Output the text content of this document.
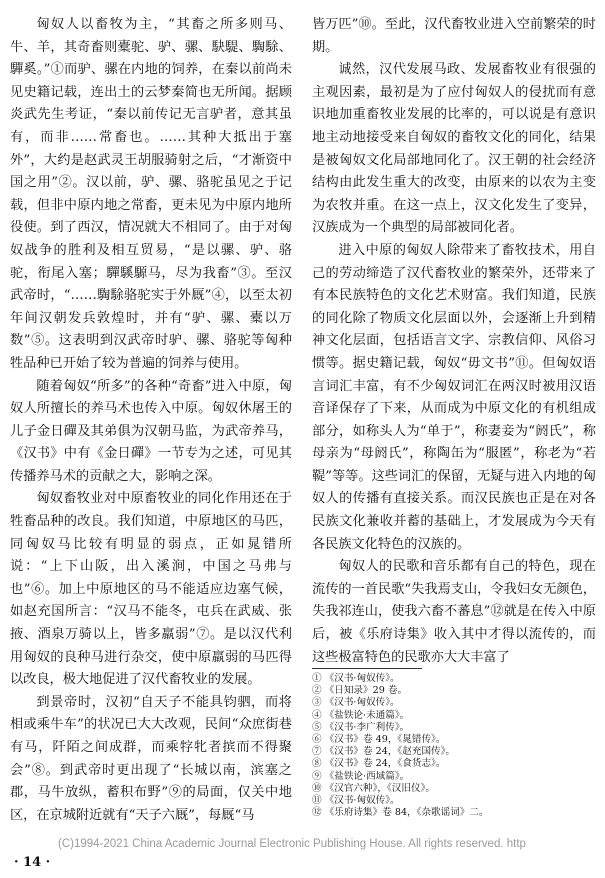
匈奴人以畜牧为主，“其畜之所多则马、牛、羊，其奇畜则橐驼、驴、骡、駃騠、騊駼、驒奚。”①而驴、骡在内地的饲养，在秦以前尚未见史籍记载，连出土的云梦秦简也无所闻。据顾炎武先生考证，“秦以前传记无言驴者，意其虽有，而非……常畜也。……其种大抵出于塞外”，大约是赵武灵王胡服骑射之后，“才渐资中国之用”②。汉以前，驴、骡、骆驼虽见之于记载，但非中原内地之常畜，更未见为中原内地所役使。到了西汉，情况就大不相同了。由于对匈奴战争的胜利及相互贸易，“是以骡、驴、骆驼，衔尾入塞；驒騱騵马，尽为我畜”③。至汉武帝时，“……騊駼骆驼实于外厩”④，以至太初年间汉朝发兵敦煌时，并有“驴、骡、橐以万数”⑤。这表明到汉武帝时驴、骡、骆驼等匈种牲品种已开始了较为普遍的饲养与使用。

随着匈奴“所多”的各种“奇畜”进入中原，匈奴人所擅长的养马术也传入中原。匈奴休屠王的儿子金日磾及其弟俱为汉朝马监，为武帝养马，《汉书》中有《金日磾》一节专为之述，可见其传播养马术的贡献之大，影响之深。

匈奴畜牧业对中原畜牧业的同化作用还在于牲畜品种的改良。我们知道，中原地区的马匹，同匈奴马比较有明显的弱点，正如晁错所说：“上下山阪，出入溪涧，中国之马弗与也”⑥。加上中原地区的马不能适应边塞气候，如赵充国所言：“汉马不能冬，屯兵在武威、张掖、酒泉万骑以上，皆多羸弱”⑦。是以汉代利用匈奴的良种马进行杂交，使中原羸弱的马匹得以改良，极大地促进了汉代畜牧业的发展。

到景帝时，汉初“自天子不能具钧驷，而将相或乘牛车”的状况已大大改观，民间“众庶街巷有马，阡陌之间成群，而乘牸牝者摈而不得聚会”⑧。到武帝时更出现了“长城以南，滨塞之郡，马牛放纵，蓄积布野”⑨的局面，仅关中地区，在京城附近就有“天子六厩”，每厩“马

皆万匹”⑩。至此，汉代畜牧业进入空前繁荣的时期。

诚然，汉代发展马政、发展畜牧业有很强的主观因素，最初是为了应付匈奴人的侵扰而有意识地加重畜牧业发展的比率的，可以说是有意识地主动地接受来自匈奴的畜牧文化的同化，结果是被匈奴文化局部地同化了。汉王朝的社会经济结构由此发生重大的改变，由原来的以农为主变为农牧并重。在这一点上，汉文化发生了变异，汉族成为一个典型的局部被同化者。

进入中原的匈奴人除带来了畜牧技术，用自己的劳动缔造了汉代畜牧业的繁荣外，还带来了有本民族特色的文化艺术财富。我们知道，民族的同化除了物质文化层面以外，会逐渐上升到精神文化层面，包括语言文字、宗教信仰、风俗习惯等。据史籍记载，匈奴“毋文书”⑪。但匈奴语言词汇丰富，有不少匈奴词汇在两汉时被用汉语音译保存了下来，从而成为中原文化的有机组成部分，如称头人为“单于”，称妻妾为“阏氏”，称母亲为“母阏氏”，称陶缶为“服匿”，称老为“若鞮”等等。这些词汇的保留，无疑与进入内地的匈奴人的传播有直接关系。而汉民族也正是在对各民族文化兼收并蓄的基础上，才发展成为今天有各民族文化特色的汉族的。

匈奴人的民歌和音乐都有自己的特色，现在流传的一首民歌“失我焉支山，令我妇女无颜色，失我祁连山，使我六畜不蕃息”⑫就是在传入中原后，被《乐府诗集》收入其中才得以流传的，而这些极富特色的民歌亦大大丰富了

① 《汉书·匈奴传》。
② 《日知录》29 卷。
③ 《汉书·匈奴传》。
④ 《盐铁论·未通篇》。
⑤ 《汉书·李广利传》。
⑥ 《汉书》卷 49，《晁错传》。
⑦ 《汉书》卷 24，《赵充国传》。
⑧ 《汉书》卷 24，《食货志》。
⑨ 《盐铁论·西域篇》。
⑩ 《汉官六种》，《汉旧仪》。
⑪ 《汉书·匈奴传》。
⑫ 《乐府诗集》卷 84，《杂歌谣词》二。
(C)1994-2021 China Academic Journal Electronic Publishing House. All rights reserved. http
· 14 ·
